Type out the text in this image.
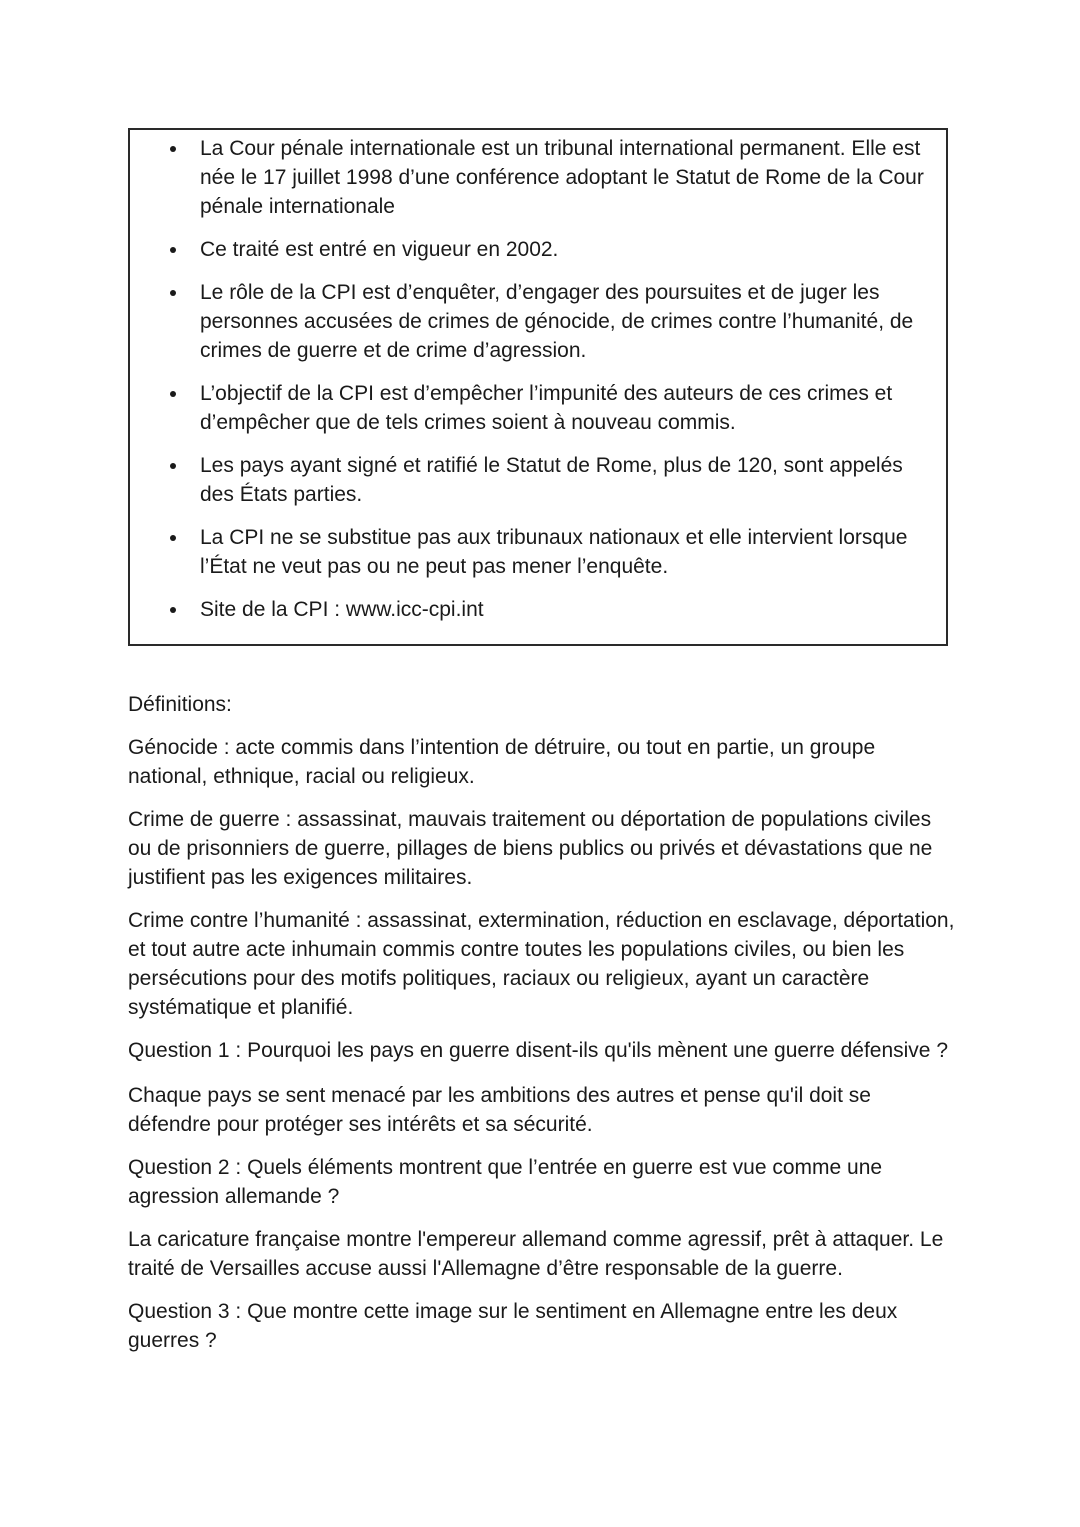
La Cour pénale internationale est un tribunal international permanent. Elle est née le 17 juillet 1998 d’une conférence adoptant le Statut de Rome de la Cour pénale internationale
Ce traité est entré en vigueur en 2002.
Le rôle de la CPI est d’enquêter, d’engager des poursuites et de juger les personnes accusées de crimes de génocide, de crimes contre l’humanité, de crimes de guerre et de crime d’agression.
L’objectif de la CPI est d’empêcher l’impunité des auteurs de ces crimes et d’empêcher que de tels crimes soient à nouveau commis.
Les pays ayant signé et ratifié le Statut de Rome, plus de 120, sont appelés des États parties.
La CPI ne se substitue pas aux tribunaux nationaux et elle intervient lorsque l’État ne veut pas ou ne peut pas mener l’enquête.
Site de la CPI : www.icc-cpi.int

Définitions:

Génocide : acte commis dans l’intention de détruire, ou tout en partie, un groupe national, ethnique, racial ou religieux.

Crime de guerre : assassinat, mauvais traitement ou déportation de populations civiles ou de prisonniers de guerre, pillages de biens publics ou privés et dévastations que ne justifient pas les exigences militaires.

Crime contre l’humanité : assassinat, extermination, réduction en esclavage, déportation, et tout autre acte inhumain commis contre toutes les populations civiles, ou bien les persécutions pour des motifs politiques, raciaux ou religieux, ayant un caractère systématique et planifié.

Question 1 : Pourquoi les pays en guerre disent-ils qu'ils mènent une guerre défensive ?

Chaque pays se sent menacé par les ambitions des autres et pense qu'il doit se défendre pour protéger ses intérêts et sa sécurité.

Question 2 : Quels éléments montrent que l’entrée en guerre est vue comme une agression allemande ?

La caricature française montre l'empereur allemand comme agressif, prêt à attaquer. Le traité de Versailles accuse aussi l'Allemagne d’être responsable de la guerre.

Question 3 : Que montre cette image sur le sentiment en Allemagne entre les deux guerres ?
